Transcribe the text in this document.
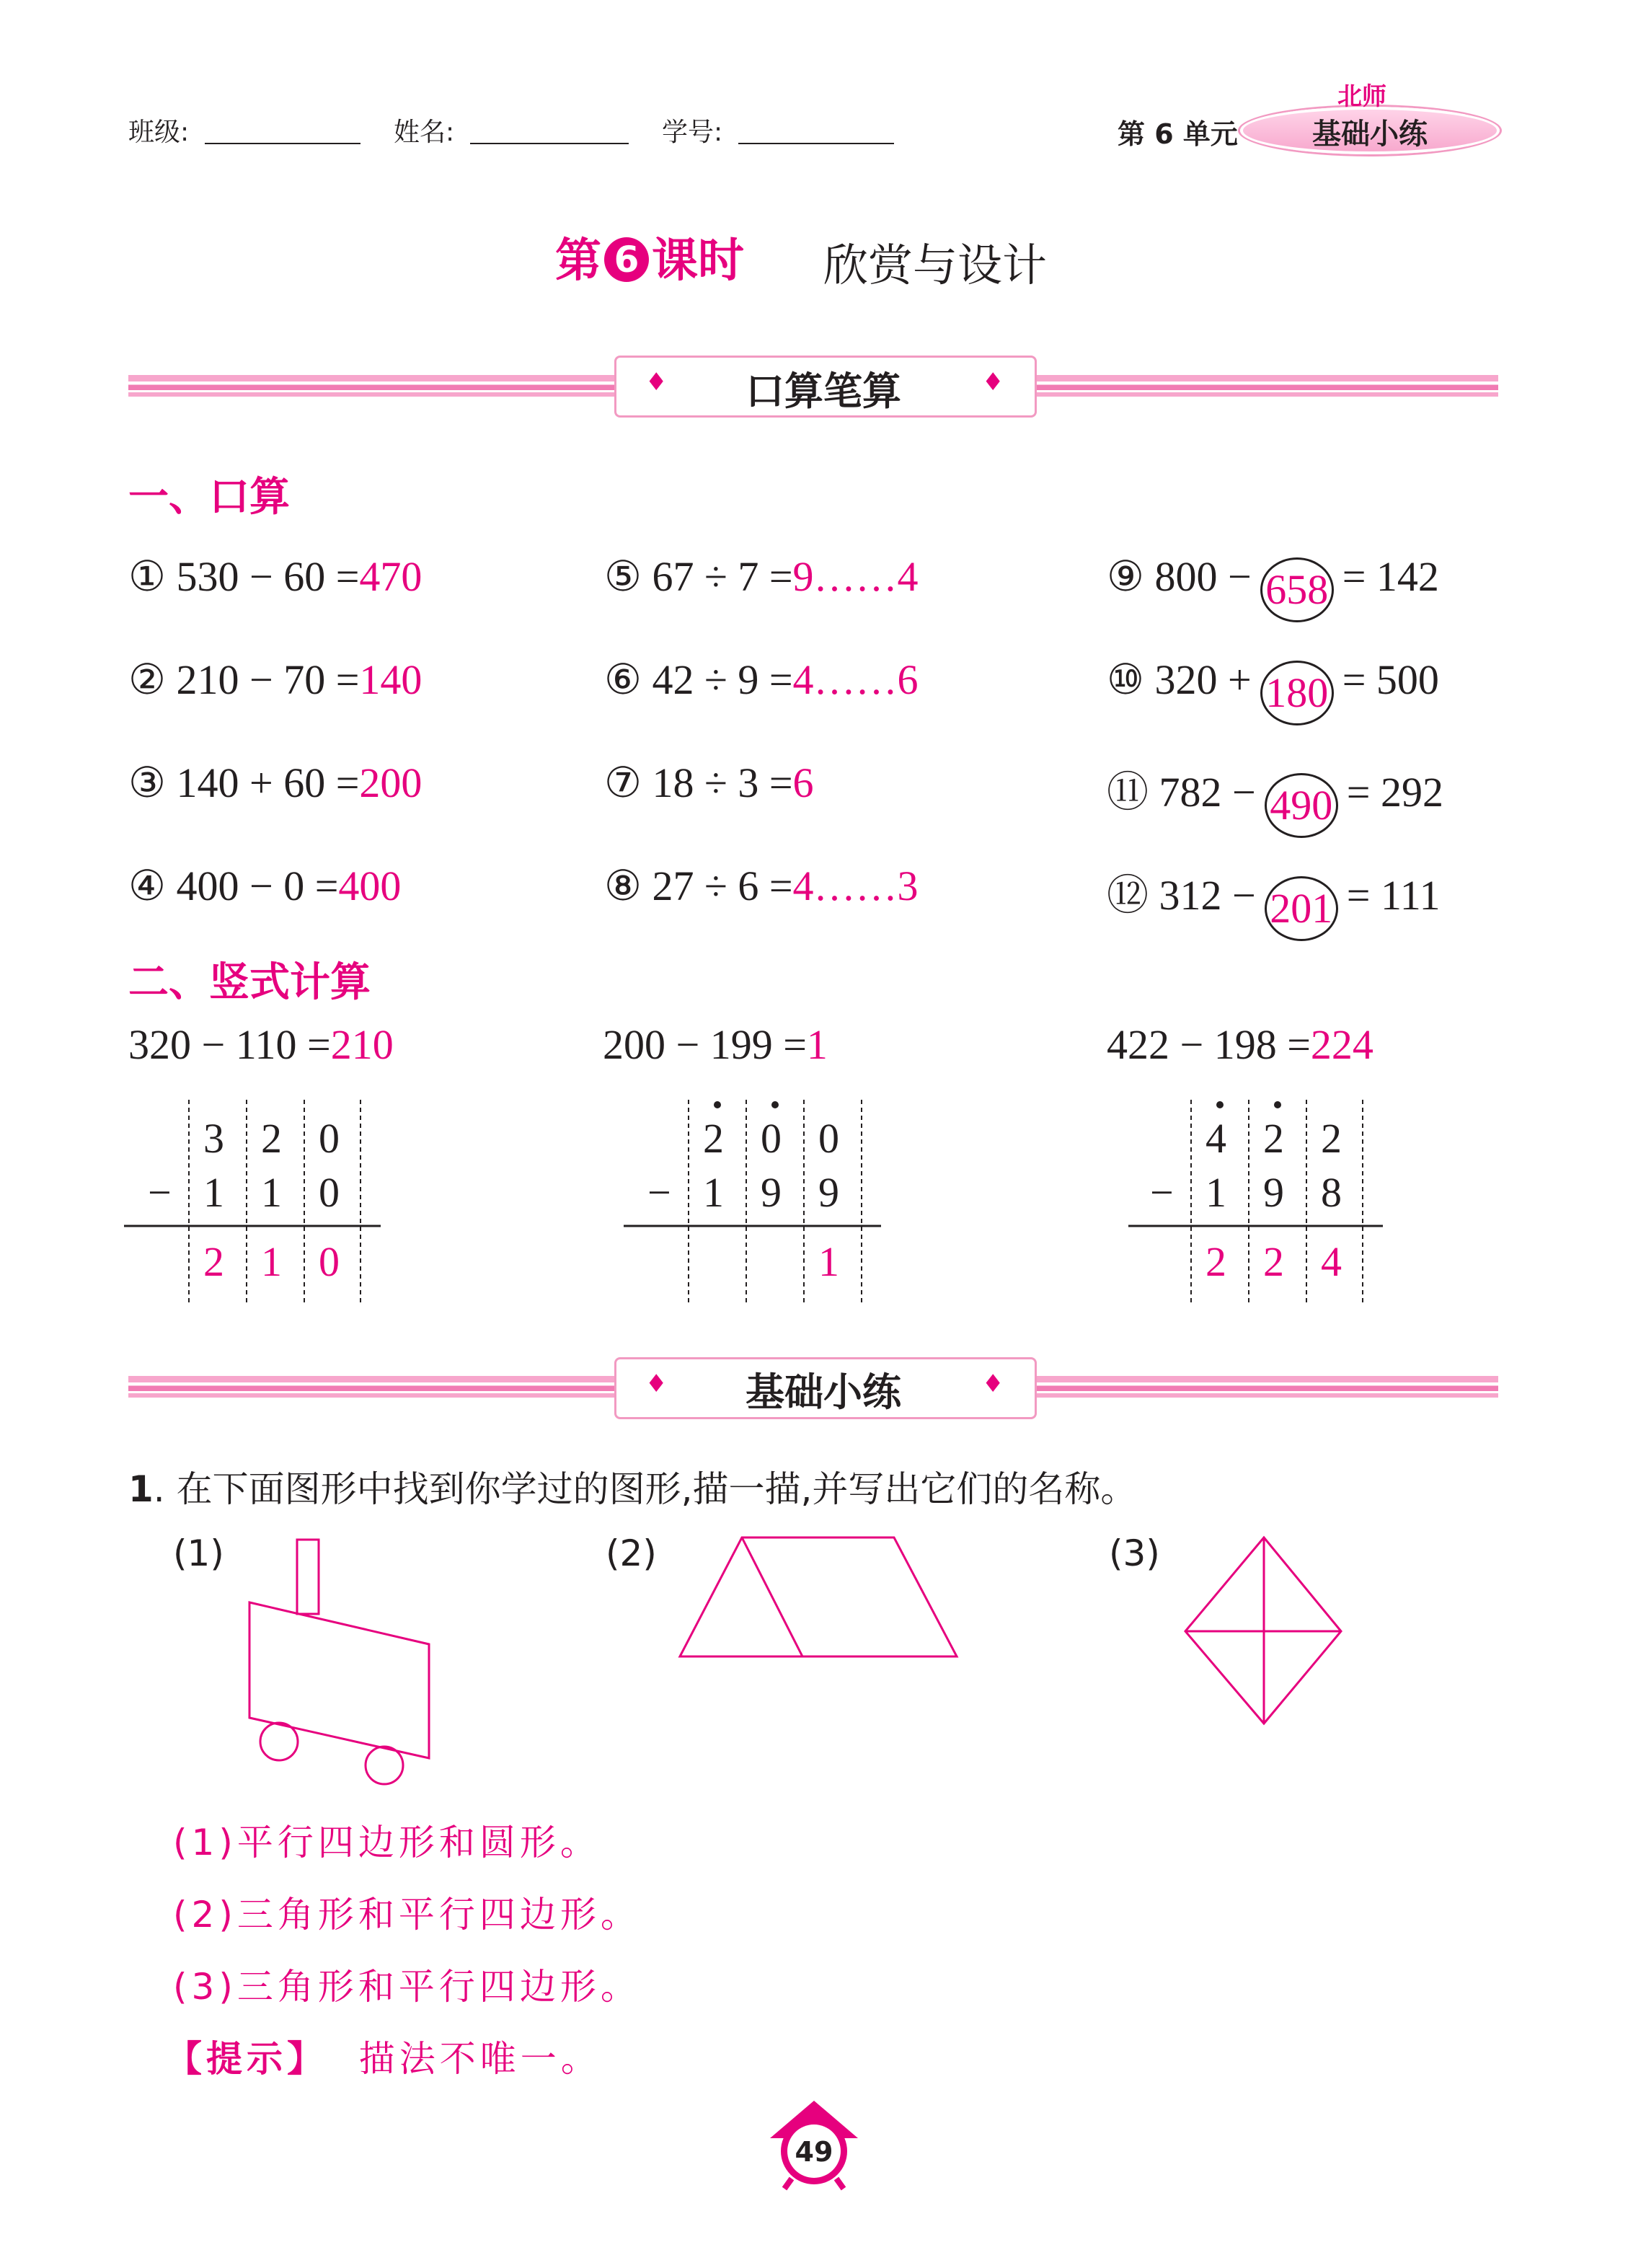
班级:	姓名:	学号:	第 6 单元	基础小练
北师
第 6 课时 欣赏与设计
♦	♦
口算笔算
一、口算
① 530 − 60 =470
② 210 − 70 =140
③ 140 + 60 =200
④ 400 − 0 =400
⑤ 67 ÷ 7 =9……4
⑥ 42 ÷ 9 =4……6
⑦ 18 ÷ 3 =6
⑧ 27 ÷ 6 =4……3
⑨ 800 − 658 = 142
⑩ 320 + 180 = 500
⑪ 782 − 490 = 292
⑫ 312 − 201 = 111
二、竖式计算
320 − 110 =210	200 − 199 =1	422 − 198 =224
3 2 0
− 1 1 0
2 1 0
2 0 0
− 1 9 9
1
4 2 2
− 1 9 8
2 2 4
♦	♦
基础小练
1. 在下面图形中找到你学过的图形,描一描,并写出它们的名称。
(1)	(2)	(3)
(1)平行四边形和圆形。
(2)三角形和平行四边形。
(3)三角形和平行四边形。
【提示】 描法不唯一。
49
